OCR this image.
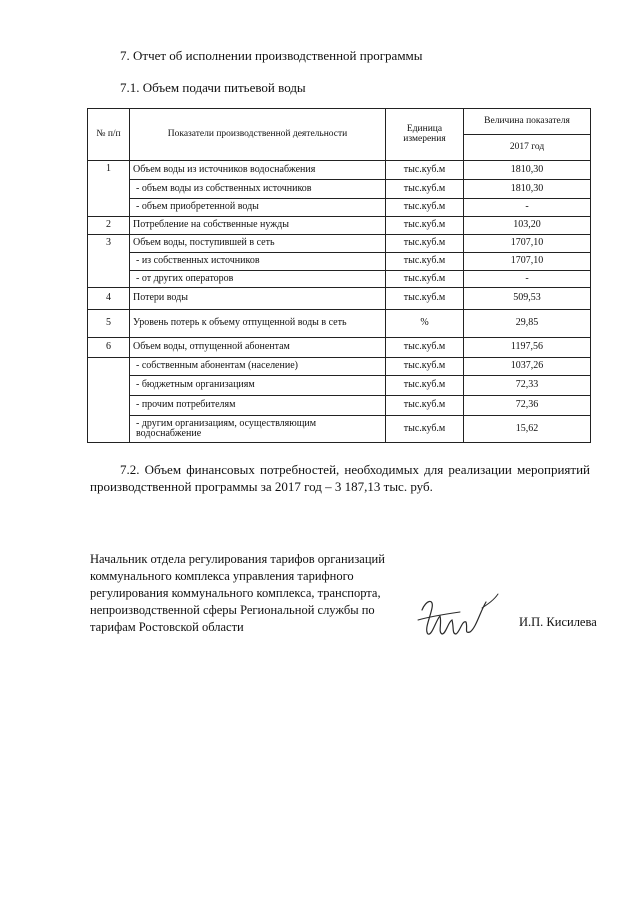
7. Отчет об исполнении производственной программы
7.1. Объем подачи питьевой воды
№ п/п	Показатели производственной деятельности	Единица измерения	Величина показателя
			2017 год
1	Объем воды из источников водоснабжения	тыс.куб.м	1810,30
	- объем воды из собственных источников	тыс.куб.м	1810,30
	- объем приобретенной воды	тыс.куб.м	-
2	Потребление на собственные нужды	тыс.куб.м	103,20
3	Объем воды, поступившей в сеть	тыс.куб.м	1707,10
	- из собственных источников	тыс.куб.м	1707,10
	- от других операторов	тыс.куб.м	-
4	Потери воды	тыс.куб.м	509,53
5	Уровень потерь к объему отпущенной воды в сеть	%	29,85
6	Объем воды, отпущенной абонентам	тыс.куб.м	1197,56
	- собственным абонентам (население)	тыс.куб.м	1037,26
	- бюджетным организациям	тыс.куб.м	72,33
	- прочим потребителям	тыс.куб.м	72,36
	- другим организациям, осуществляющим водоснабжение	тыс.куб.м	15,62
7.2. Объем финансовых потребностей, необходимых для реализации мероприятий
производственной программы за 2017 год – 3 187,13 тыс. руб.
Начальник отдела регулирования тарифов организаций
коммунального комплекса управления тарифного
регулирования коммунального комплекса, транспорта,
непроизводственной сферы Региональной службы по
тарифам Ростовской области	И.П. Кисилева
